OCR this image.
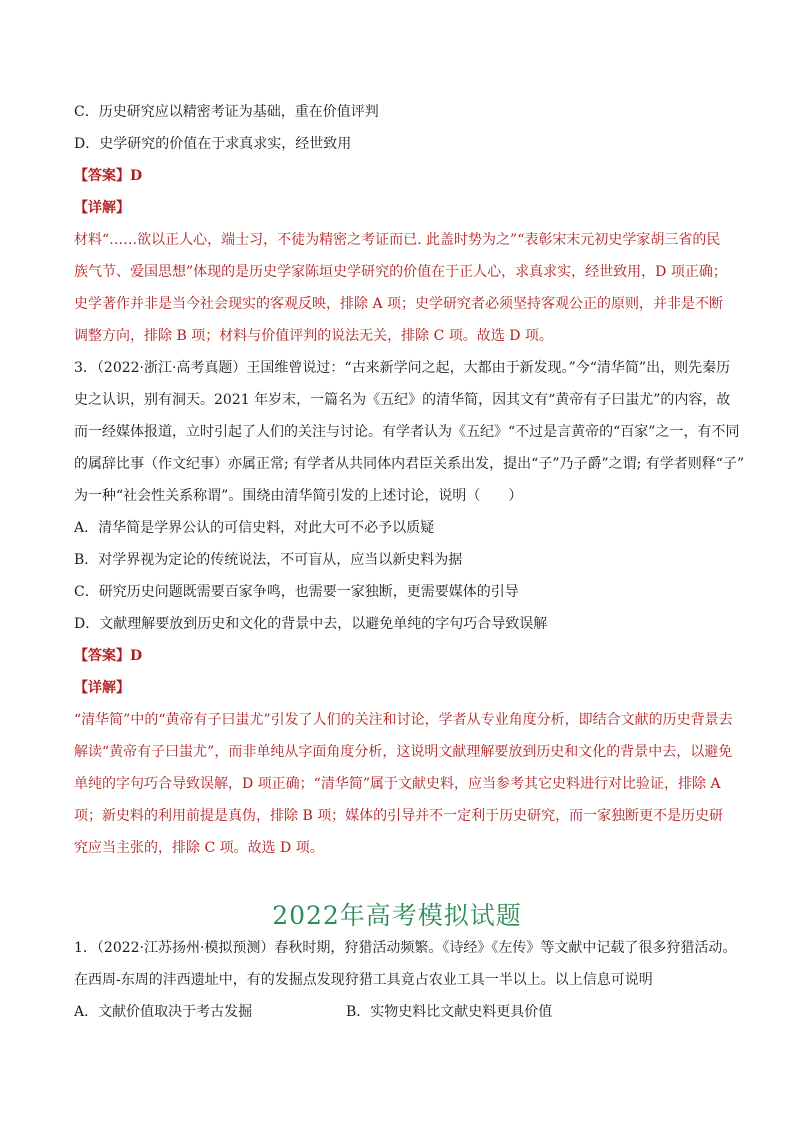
C．历史研究应以精密考证为基础，重在价值评判
D．史学研究的价值在于求真求实，经世致用
【答案】D
【详解】
材料“……欲以正人心，端士习，不徒为精密之考证而已. 此盖时势为之”“表彰宋末元初史学家胡三省的民
族气节、爱国思想”体现的是历史学家陈垣史学研究的价值在于正人心，求真求实，经世致用，D 项正确；
史学著作并非是当今社会现实的客观反映，排除 A 项；史学研究者必须坚持客观公正的原则，并非是不断
调整方向，排除 B 项；材料与价值评判的说法无关，排除 C 项。故选 D 项。
3．（2022·浙江·高考真题）王国维曾说过：“古来新学问之起，大都由于新发现。”今“清华简”出，则先秦历
史之认识，别有洞天。2021 年岁末，一篇名为《五纪》的清华简，因其文有“黄帝有子曰蚩尤”的内容，故
而一经媒体报道，立时引起了人们的关注与讨论。有学者认为《五纪》“不过是言黄帝的“百家”之一，有不同
的属辞比事（作文纪事）亦属正常; 有学者从共同体内君臣关系出发，提出“子”乃子爵”之谓; 有学者则释“子”
为一种“社会性关系称谓”。围绕由清华简引发的上述讨论，说明（　　）
A．清华简是学界公认的可信史料，对此大可不必予以质疑
B．对学界视为定论的传统说法，不可盲从，应当以新史料为据
C．研究历史问题既需要百家争鸣，也需要一家独断，更需要媒体的引导
D．文献理解要放到历史和文化的背景中去，以避免单纯的字句巧合导致误解
【答案】D
【详解】
“清华简”中的“黄帝有子曰蚩尤”引发了人们的关注和讨论，学者从专业角度分析，即结合文献的历史背景去
解读“黄帝有子曰蚩尤”，而非单纯从字面角度分析，这说明文献理解要放到历史和文化的背景中去，以避免
单纯的字句巧合导致误解，D 项正确；“清华简”属于文献史料，应当参考其它史料进行对比验证，排除 A
项；新史料的利用前提是真伪，排除 B 项；媒体的引导并不一定利于历史研究，而一家独断更不是历史研
究应当主张的，排除 C 项。故选 D 项。
2022年高考模拟试题
1．（2022·江苏扬州·模拟预测）春秋时期，狩猎活动频繁。《诗经》《左传》等文献中记载了很多狩猎活动。
在西周-东周的沣西遗址中，有的发掘点发现狩猎工具竟占农业工具一半以上。以上信息可说明
A．文献价值取决于考古发掘	B．实物史料比文献史料更具价值
